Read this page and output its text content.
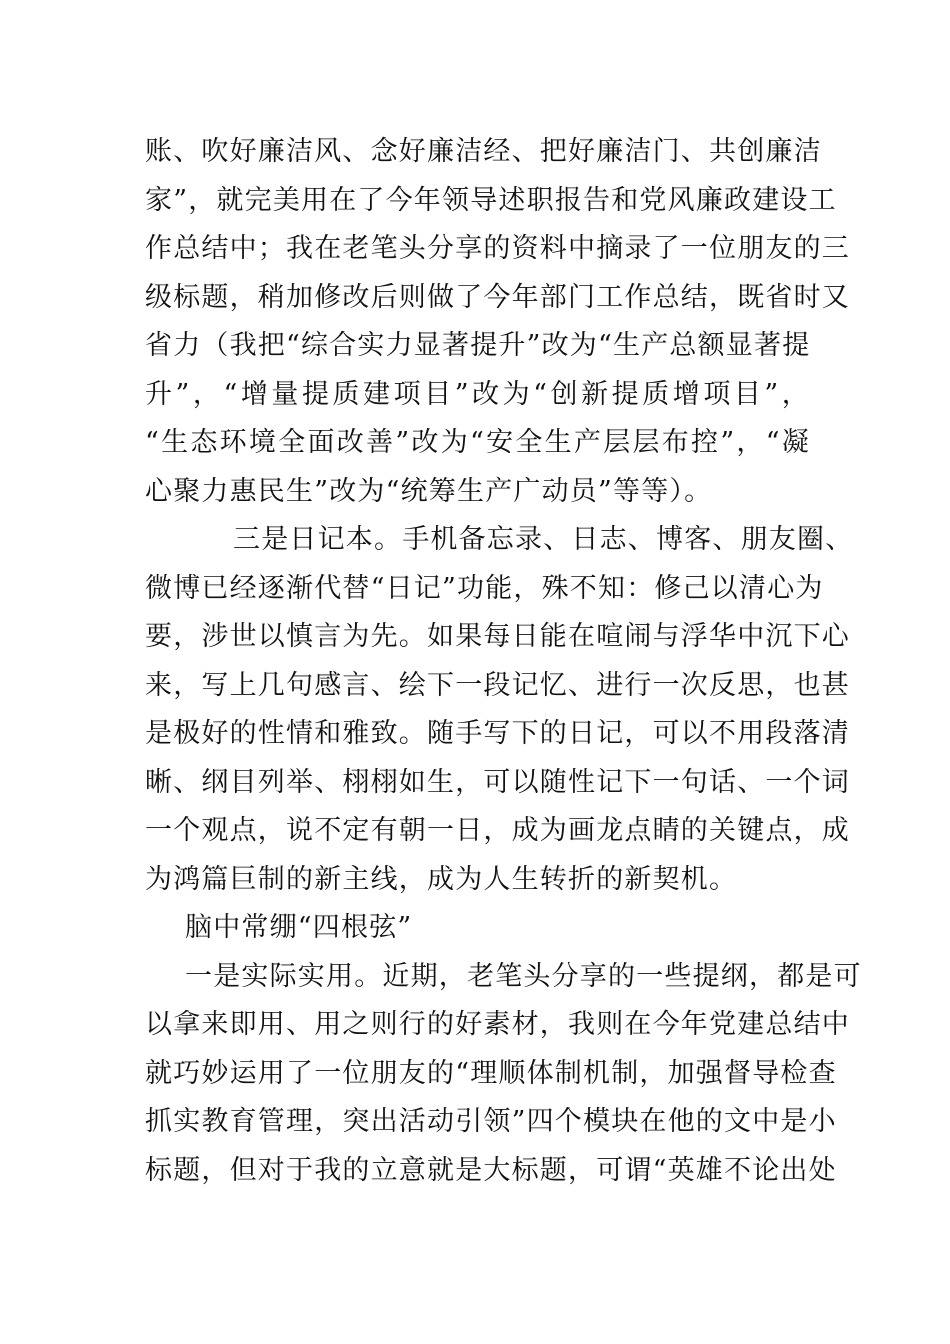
账、吹好廉洁风、念好廉洁经、把好廉洁门、共创廉洁
家”，就完美用在了今年领导述职报告和党风廉政建设工
作总结中；我在老笔头分享的资料中摘录了一位朋友的三
级标题，稍加修改后则做了今年部门工作总结，既省时又
省力（我把“综合实力显著提升”改为“生产总额显著提
升”，“增量提质建项目”改为“创新提质增项目”，
“生态环境全面改善”改为“安全生产层层布控”，“凝
心聚力惠民生”改为“统筹生产广动员”等等）。
三是日记本。手机备忘录、日志、博客、朋友圈、
微博已经逐渐代替“日记”功能，殊不知：修己以清心为
要，涉世以慎言为先。如果每日能在喧闹与浮华中沉下心
来，写上几句感言、绘下一段记忆、进行一次反思，也甚
是极好的性情和雅致。随手写下的日记，可以不用段落清
晰、纲目列举、栩栩如生，可以随性记下一句话、一个词
一个观点，说不定有朝一日，成为画龙点睛的关键点，成
为鸿篇巨制的新主线，成为人生转折的新契机。
脑中常绷“四根弦”
一是实际实用。近期，老笔头分享的一些提纲，都是可
以拿来即用、用之则行的好素材，我则在今年党建总结中
就巧妙运用了一位朋友的“理顺体制机制，加强督导检查
抓实教育管理，突出活动引领”四个模块在他的文中是小
标题，但对于我的立意就是大标题，可谓“英雄不论出处
